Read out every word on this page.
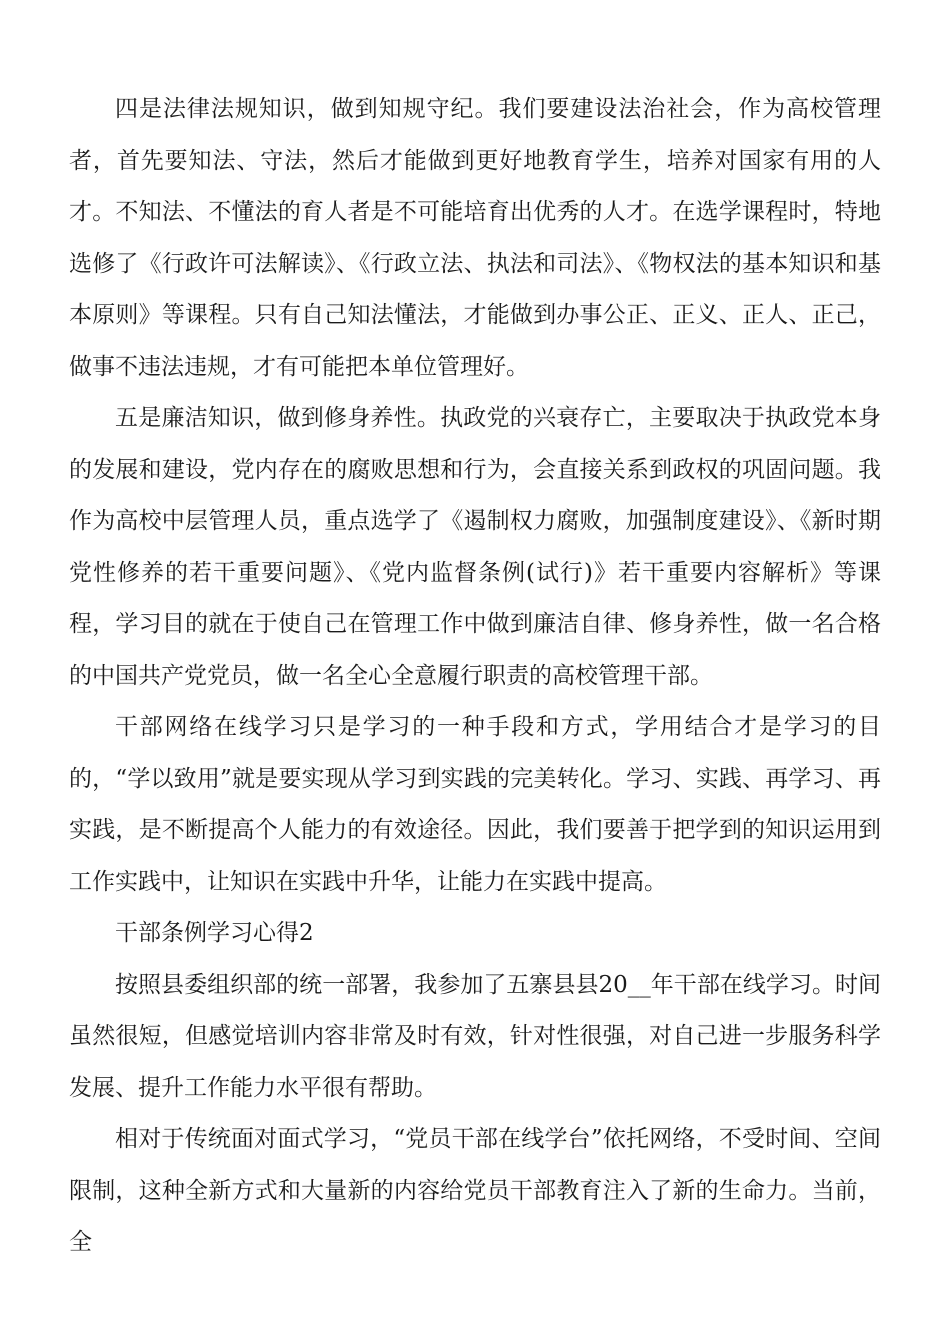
四是法律法规知识，做到知规守纪。我们要建设法治社会，作为高校管理者，首先要知法、守法，然后才能做到更好地教育学生，培养对国家有用的人才。不知法、不懂法的育人者是不可能培育出优秀的人才。在选学课程时，特地选修了《行政许可法解读》、《行政立法、执法和司法》、《物权法的基本知识和基本原则》等课程。只有自己知法懂法，才能做到办事公正、正义、正人、正己，做事不违法违规，才有可能把本单位管理好。

五是廉洁知识，做到修身养性。执政党的兴衰存亡，主要取决于执政党本身的发展和建设，党内存在的腐败思想和行为，会直接关系到政权的巩固问题。我作为高校中层管理人员，重点选学了《遏制权力腐败，加强制度建设》、《新时期党性修养的若干重要问题》、《党内监督条例(试行)》若干重要内容解析》等课程，学习目的就在于使自己在管理工作中做到廉洁自律、修身养性，做一名合格的中国共产党党员，做一名全心全意履行职责的高校管理干部。

干部网络在线学习只是学习的一种手段和方式，学用结合才是学习的目的，“学以致用”就是要实现从学习到实践的完美转化。学习、实践、再学习、再实践，是不断提高个人能力的有效途径。因此，我们要善于把学到的知识运用到工作实践中，让知识在实践中升华，让能力在实践中提高。

干部条例学习心得2

按照县委组织部的统一部署，我参加了五寨县县20__年干部在线学习。时间虽然很短，但感觉培训内容非常及时有效，针对性很强，对自己进一步服务科学发展、提升工作能力水平很有帮助。

相对于传统面对面式学习，“党员干部在线学台”依托网络，不受时间、空间限制，这种全新方式和大量新的内容给党员干部教育注入了新的生命力。当前，全
